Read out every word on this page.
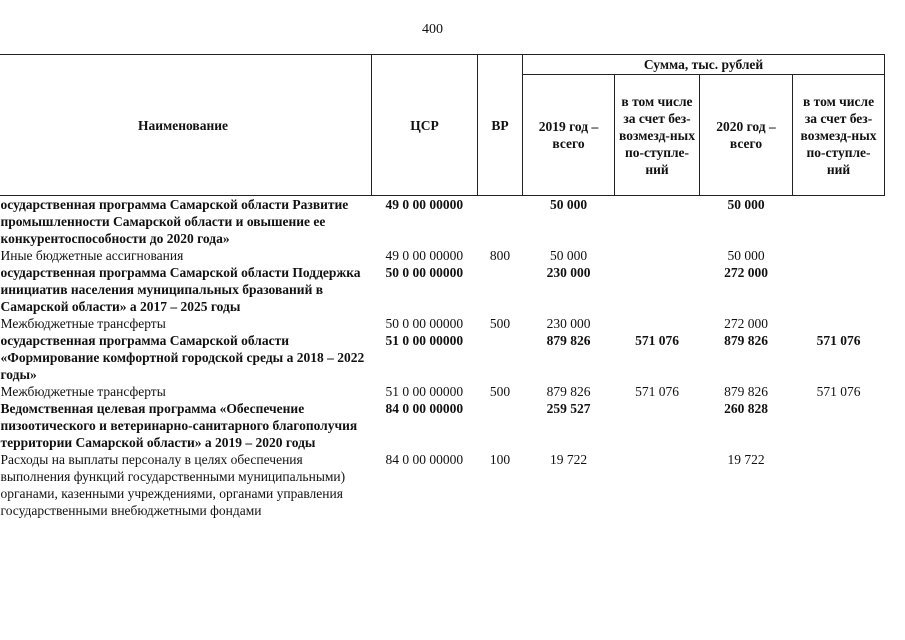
400
Наименование	ЦСР	ВР	Сумма, тыс. рублей			
			2019 год – всего	в том числе за счет без-возмезд-ных по-ступле-ний	2020 год – всего	в том числе за счет без-возмезд-ных по-ступле-ний
осударственная программа Самарской области Развитие промышленности Самарской области и овышение ее конкурентоспособности до 2020 года»	49 0 00 00000		50 000		50 000	
Иные бюджетные ассигнования	49 0 00 00000	800	50 000		50 000	
осударственная программа Самарской области Поддержка инициатив населения муниципальных бразований в Самарской области» а 2017 – 2025 годы	50 0 00 00000		230 000		272 000	
Межбюджетные трансферты	50 0 00 00000	500	230 000		272 000	
осударственная программа Самарской области «Формирование комфортной городской среды а 2018 – 2022 годы»	51 0 00 00000		879 826	571 076	879 826	571 076
Межбюджетные трансферты	51 0 00 00000	500	879 826	571 076	879 826	571 076
Ведомственная целевая программа «Обеспечение пизоотического и ветеринарно-санитарного благополучия территории Самарской области» а 2019 – 2020 годы	84 0 00 00000		259 527		260 828	
Расходы на выплаты персоналу в целях обеспечения выполнения функций государственными муниципальными) органами, казенными учреждениями, органами управления государственными внебюджетными фондами	84 0 00 00000	100	19 722		19 722	
